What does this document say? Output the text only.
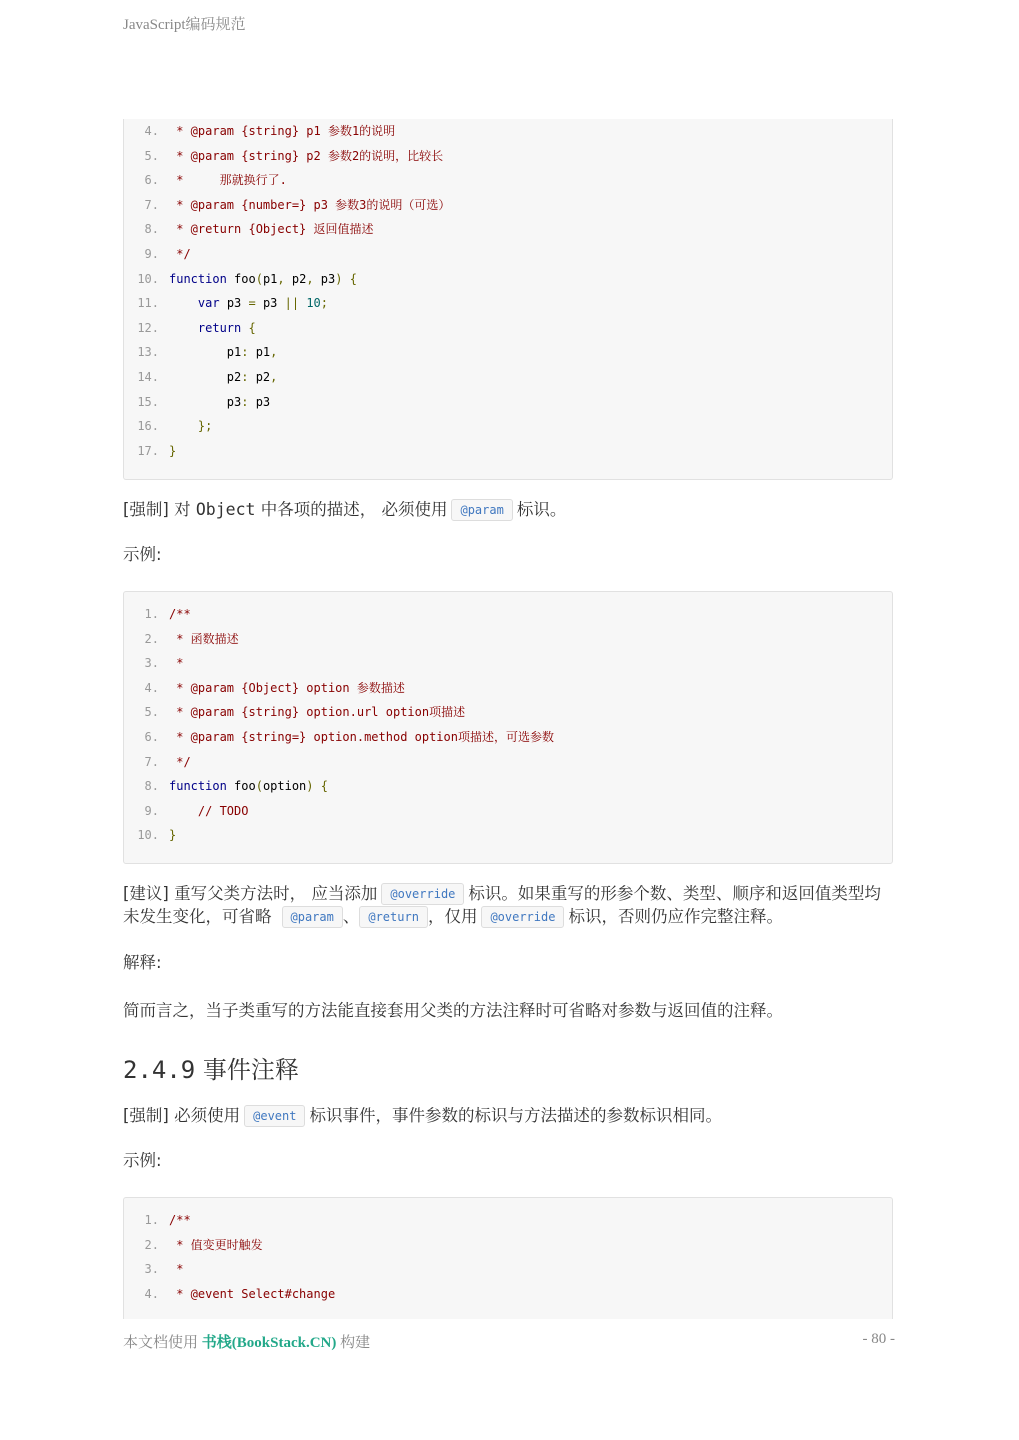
JavaScript编码规范
4. * @param {string} p1 参数1的说明
5. * @param {string} p2 参数2的说明，比较长
6. *     那就换行了.
7. * @param {number=} p3 参数3的说明（可选）
8. * @return {Object} 返回值描述
9. */
10. function foo(p1, p2, p3) {
11.	var p3 = p3 || 10;
12.	return {
13. p1: p1,
14. p2: p2,
15. p3: p3
16.	};
17. }
[强制] 对 Object 中各项的描述， 必须使用 @param 标识。
示例:
1. /**
2. * 函数描述
3. *
4. * @param {Object} option 参数描述
5. * @param {string} option.url option项描述
6. * @param {string=} option.method option项描述，可选参数
7. */
8. function foo(option) {
9.	// TODO
10. }
[建议] 重写父类方法时， 应当添加 @override 标识。如果重写的形参个数、类型、顺序和返回值类型均未发生变化，可省略 @param 、 @return ，仅用 @override 标识，否则仍应作完整注释。
解释:
简而言之，当子类重写的方法能直接套用父类的方法注释时可省略对参数与返回值的注释。
2.4.9 事件注释
[强制] 必须使用 @event 标识事件，事件参数的标识与方法描述的参数标识相同。
示例:
1. /**
2. * 值变更时触发
3. *
4. * @event Select#change
本文档使用 书栈(BookStack.CN) 构建	- 80 -
